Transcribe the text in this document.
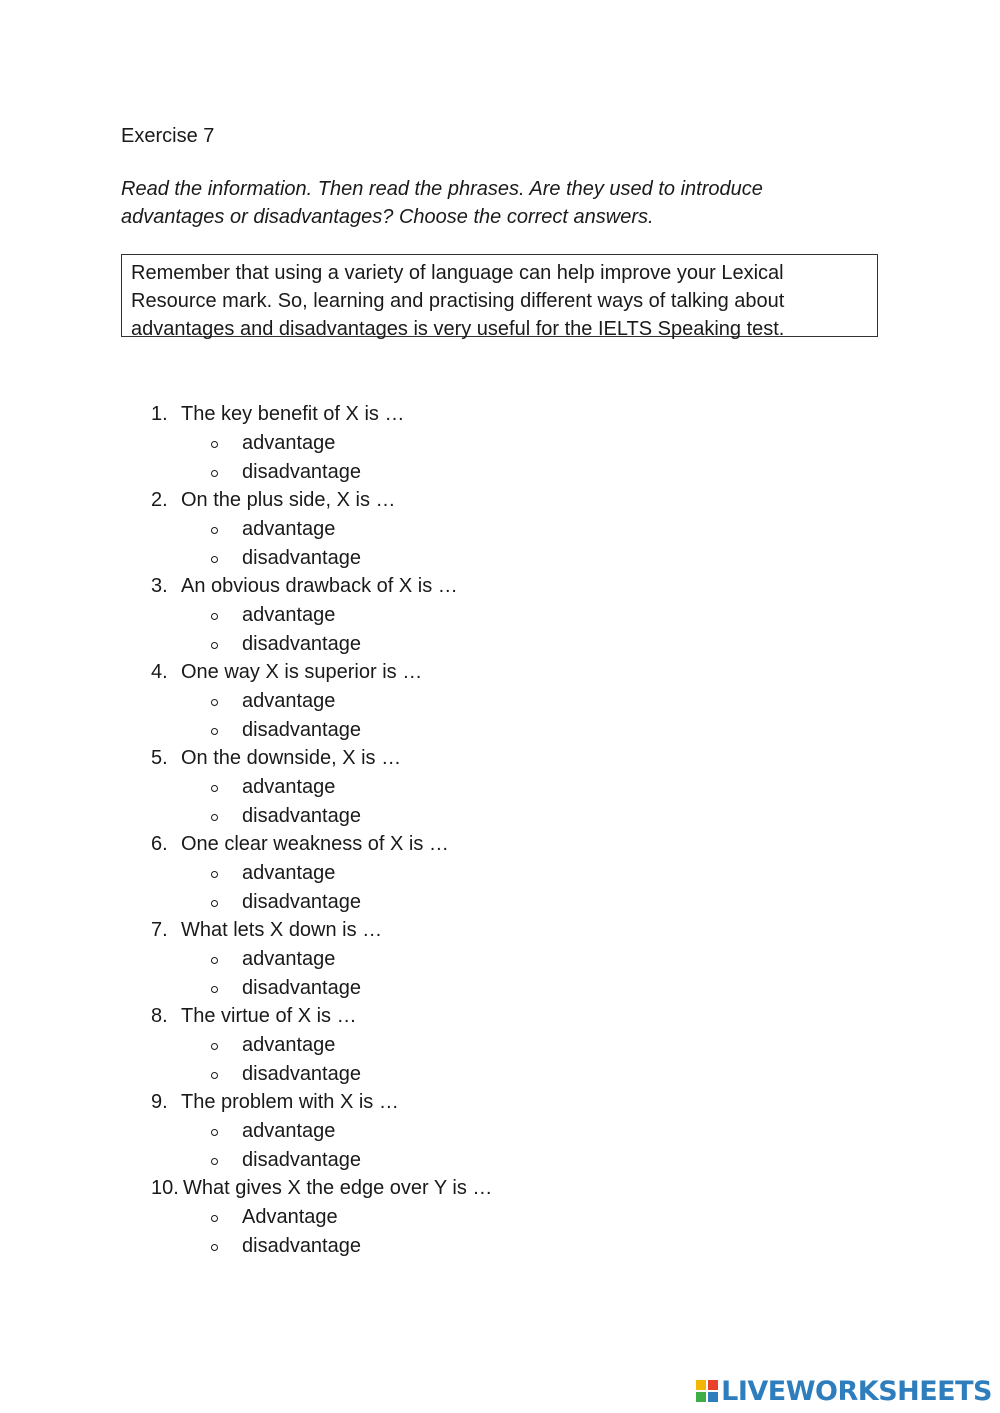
Exercise 7
Read the information. Then read the phrases. Are they used to introduce advantages or disadvantages? Choose the correct answers.
Remember that using a variety of language can help improve your Lexical Resource mark. So, learning and practising different ways of talking about advantages and disadvantages is very useful for the IELTS Speaking test.
1. The key benefit of X is …
advantage
disadvantage
2. On the plus side, X is …
advantage
disadvantage
3. An obvious drawback of X is …
advantage
disadvantage
4. One way X is superior is …
advantage
disadvantage
5. On the downside, X is …
advantage
disadvantage
6. One clear weakness of X is …
advantage
disadvantage
7. What lets X down is …
advantage
disadvantage
8. The virtue of X is …
advantage
disadvantage
9. The problem with X is …
advantage
disadvantage
10. What gives X the edge over Y is …
Advantage
disadvantage
LIVEWORKSHEETS
